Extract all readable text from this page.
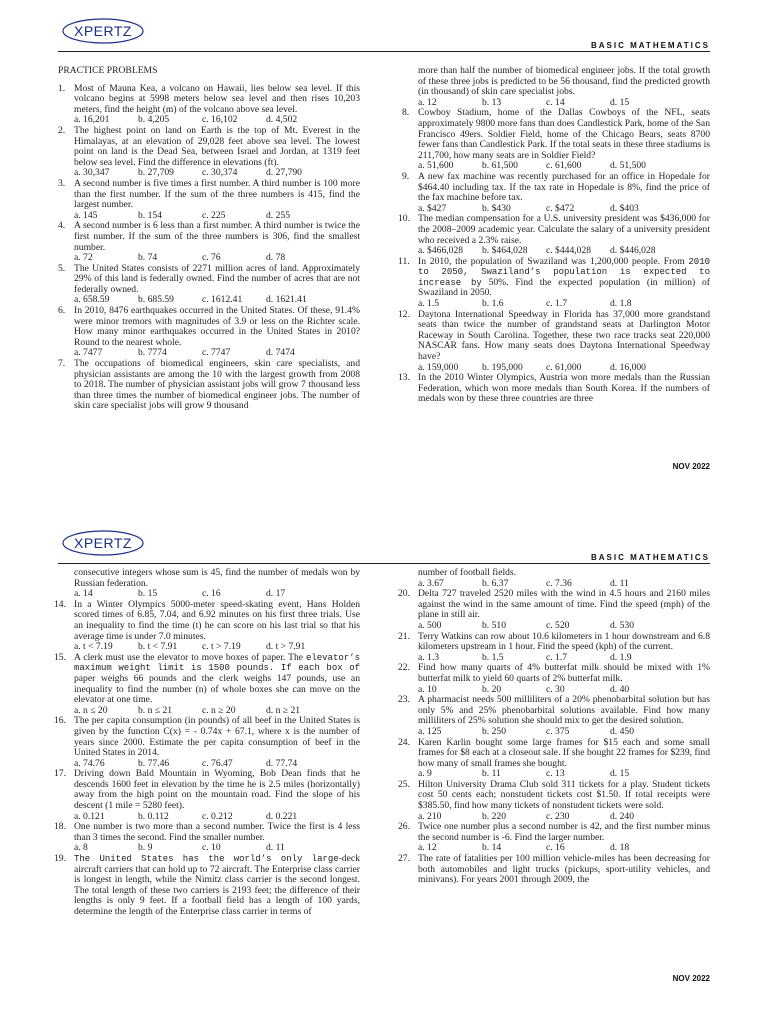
XPERTZ
BASIC MATHEMATICS
PRACTICE PROBLEMS
1. Most of Mauna Kea, a volcano on Hawaii, lies below sea level. If this volcano begins at 5998 meters below sea level and then rises 10,203 meters, find the height (m) of the volcano above sea level.
a. 16,201	b. 4,205	c. 16,102	d. 4,502
2. The highest point on land on Earth is the top of Mt. Everest in the Himalayas, at an elevation of 29,028 feet above sea level. The lowest point on land is the Dead Sea, between Israel and Jordan, at 1319 feet below sea level. Find the difference in elevations (ft).
a. 30,347	b. 27,709	c. 30,374	d. 27,790
3. A second number is five times a first number. A third number is 100 more than the first number. If the sum of the three numbers is 415, find the largest number.
a. 145	b. 154	c. 225	d. 255
4. A second number is 6 less than a first number. A third number is twice the first number. If the sum of the three numbers is 306, find the smallest number.
a. 72	b. 74	c. 76	d. 78
5. The United States consists of 2271 million acres of land. Approximately 29% of this land is federally owned. Find the number of acres that are not federally owned.
a. 658.59	b. 685.59	c. 1612.41	d. 1621.41
6. In 2010, 8476 earthquakes occurred in the United States. Of these, 91.4% were minor tremors with magnitudes of 3.9 or less on the Richter scale. How many minor earthquakes occurred in the United States in 2010? Round to the nearest whole.
a. 7477	b. 7774	c. 7747	d. 7474
7. The occupations of biomedical engineers, skin care specialists, and physician assistants are among the 10 with the largest growth from 2008 to 2018. The number of physician assistant jobs will grow 7 thousand less than three times the number of biomedical engineer jobs. The number of skin care specialist jobs will grow 9 thousand
more than half the number of biomedical engineer jobs. If the total growth of these three jobs is predicted to be 56 thousand, find the predicted growth (in thousand) of skin care specialist jobs.
a. 12	b. 13	c. 14	d. 15
8. Cowboy Stadium, home of the Dallas Cowboys of the NFL, seats approximately 9800 more fans than does Candlestick Park, home of the San Francisco 49ers. Soldier Field, home of the Chicago Bears, seats 8700 fewer fans than Candlestick Park. If the total seats in these three stadiums is 211,700, how many seats are in Soldier Field?
a. 51,600	b. 61,500	c. 61,600	d. 51,500
9. A new fax machine was recently purchased for an office in Hopedale for $464.40 including tax. If the tax rate in Hopedale is 8%, find the price of the fax machine before tax.
a. $427	b. $430	c. $472	d. $403
10. The median compensation for a U.S. university president was $436,000 for the 2008–2009 academic year. Calculate the salary of a university president who received a 2.3% raise.
a. $466,028	b. $464,028	c. $444,028	d. $446,028
11. In 2010, the population of Swaziland was 1,200,000 people. From 2010 to 2050, Swaziland’s population is expected to increase by 50%. Find the expected population (in million) of Swaziland in 2050.
a. 1.5	b. 1.6	c. 1.7	d. 1.8
12. Daytona International Speedway in Florida has 37,000 more grandstand seats than twice the number of grandstand seats at Darlington Motor Raceway in South Carolina. Together, these two race tracks seat 220,000 NASCAR fans. How many seats does Daytona International Speedway have?
a. 159,000	b. 195,000	c. 61,000	d. 16,000
13. In the 2010 Winter Olympics, Austria won more medals than the Russian Federation, which won more medals than South Korea. If the numbers of medals won by these three countries are three
NOV 2022
XPERTZ
BASIC MATHEMATICS
consecutive integers whose sum is 45, find the number of medals won by Russian federation.
a. 14	b. 15	c. 16	d. 17
14. In a Winter Olympics 5000-meter speed-skating event, Hans Holden scored times of 6.85, 7.04, and 6.92 minutes on his first three trials. Use an inequality to find the time (t) he can score on his last trial so that his average time is under 7.0 minutes.
a. t < 7.19	b. t < 7.91	c. t > 7.19	d. t > 7.91
15. A clerk must use the elevator to move boxes of paper. The elevator’s maximum weight limit is 1500 pounds. If each box of paper weighs 66 pounds and the clerk weighs 147 pounds, use an inequality to find the number (n) of whole boxes she can move on the elevator at one time.
a. n ≤ 20	b. n ≤ 21	c. n ≥ 20	d. n ≥ 21
16. The per capita consumption (in pounds) of all beef in the United States is given by the function C(x) = - 0.74x + 67.1, where x is the number of years since 2000. Estimate the per capita consumption of beef in the United States in 2014.
a. 74.76	b. 77.46	c. 76.47	d. 77.74
17. Driving down Bald Mountain in Wyoming, Bob Dean finds that he descends 1600 feet in elevation by the time he is 2.5 miles (horizontally) away from the high point on the mountain road. Find the slope of his descent (1 mile = 5280 feet).
a. 0.121	b. 0.112	c. 0.212	d. 0.221
18. One number is two more than a second number. Twice the first is 4 less than 3 times the second. Find the smaller number.
a. 8	b. 9	c. 10	d. 11
19. The United States has the world’s only large-deck aircraft carriers that can hold up to 72 aircraft. The Enterprise class carrier is longest in length, while the Nimitz class carrier is the second longest. The total length of these two carriers is 2193 feet; the difference of their lengths is only 9 feet. If a football field has a length of 100 yards, determine the length of the Enterprise class carrier in terms of
number of football fields.
a. 3.67	b. 6.37	c. 7.36	d. 11
20. Delta 727 traveled 2520 miles with the wind in 4.5 hours and 2160 miles against the wind in the same amount of time. Find the speed (mph) of the plane in still air.
a. 500	b. 510	c. 520	d. 530
21. Terry Watkins can row about 10.6 kilometers in 1 hour downstream and 6.8 kilometers upstream in 1 hour. Find the speed (kph) of the current.
a. 1.3	b. 1.5	c. 1.7	d. 1.9
22. Find how many quarts of 4% butterfat milk should be mixed with 1% butterfat milk to yield 60 quarts of 2% butterfat milk.
a. 10	b. 20	c. 30	d. 40
23. A pharmacist needs 500 milliliters of a 20% phenobarbital solution but has only 5% and 25% phenobarbital solutions available. Find how many milliliters of 25% solution she should mix to get the desired solution.
a. 125	b. 250	c. 375	d. 450
24. Karen Karlin bought some large frames for $15 each and some small frames for $8 each at a closeout sale. If she bought 22 frames for $239, find how many of small frames she bought.
a. 9	b. 11	c. 13	d. 15
25. Hilton University Drama Club sold 311 tickets for a play. Student tickets cost 50 cents each; nonstudent tickets cost $1.50. If total receipts were $385.50, find how many tickets of nonstudent tickets were sold.
a. 210	b. 220	c. 230	d. 240
26. Twice one number plus a second number is 42, and the first number minus the second number is -6. Find the larger number.
a. 12	b. 14	c. 16	d. 18
27. The rate of fatalities per 100 million vehicle-miles has been decreasing for both automobiles and light trucks (pickups, sport-utility vehicles, and minivans). For years 2001 through 2009, the
NOV 2022
